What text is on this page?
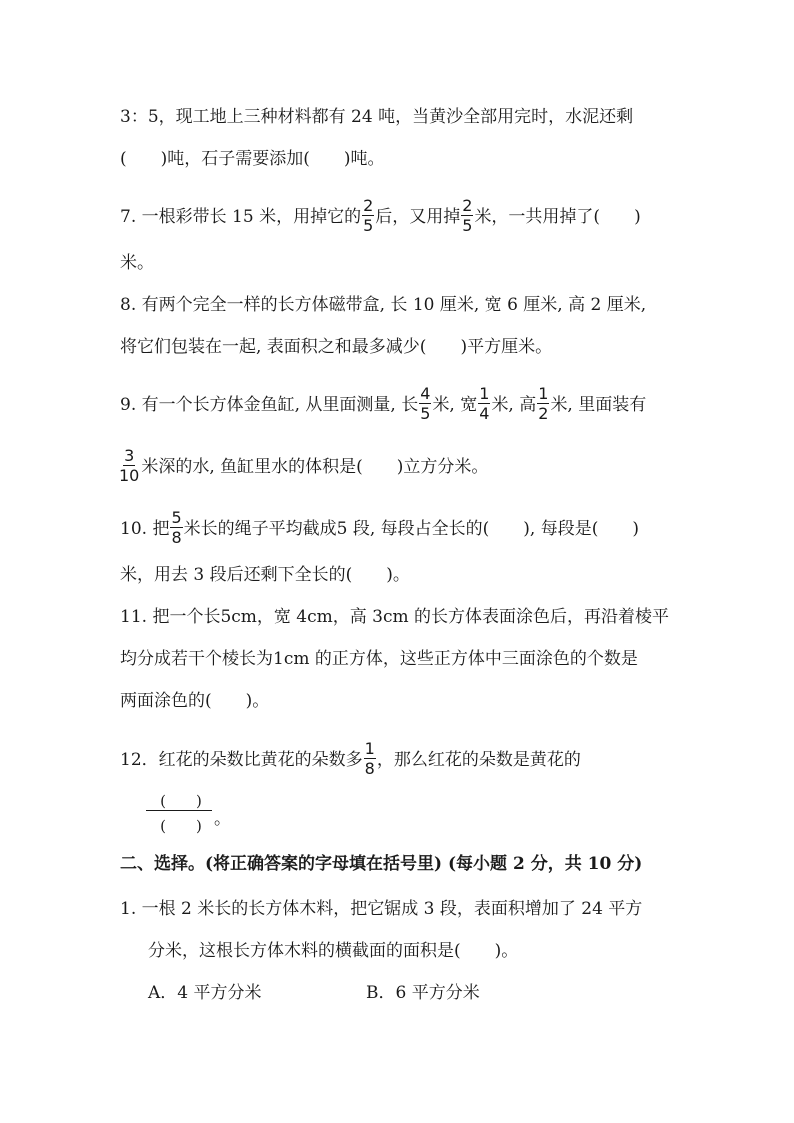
3：5，现工地上三种材料都有 24 吨，当黄沙全部用完时，水泥还剩
(　　)吨，石子需要添加(　　)吨。
7. 一根彩带长 15 米，用掉它的 $\frac{2}{5}$ 后，又用掉 $\frac{2}{5}$ 米，一共用掉了(　　)
米。
8. 有两个完全一样的长方体磁带盒, 长 10 厘米, 宽 6 厘米, 高 2 厘米,
将它们包装在一起, 表面积之和最多减少(　　)平方厘米。
9. 有一个长方体金鱼缸, 从里面测量, 长 $\frac{4}{5}$ 米, 宽 $\frac{1}{4}$ 米, 高 $\frac{1}{2}$ 米, 里面装有
$\frac{3}{10}$ 米深的水, 鱼缸里水的体积是(　　)立方分米。
10. 把 $\frac{5}{8}$ 米长的绳子平均截成5 段, 每段占全长的(　　), 每段是(　　)
米，用去 3 段后还剩下全长的(　　)。
11. 把一个长5cm，宽 4cm，高 3cm 的长方体表面涂色后，再沿着棱平
均分成若干个棱长为1cm 的正方体，这些正方体中三面涂色的个数是
两面涂色的(　　)。
12．红花的朵数比黄花的朵数多 $\frac{1}{8}$ ，那么红花的朵数是黄花的
(　　)
(　　) 。
二、选择。(将正确答案的字母填在括号里) (每小题 2 分，共 10 分)
1. 一根 2 米长的长方体木料，把它锯成 3 段，表面积增加了 24 平方
分米，这根长方体木料的横截面的面积是(　　)。
A．4 平方分米	B．6 平方分米
